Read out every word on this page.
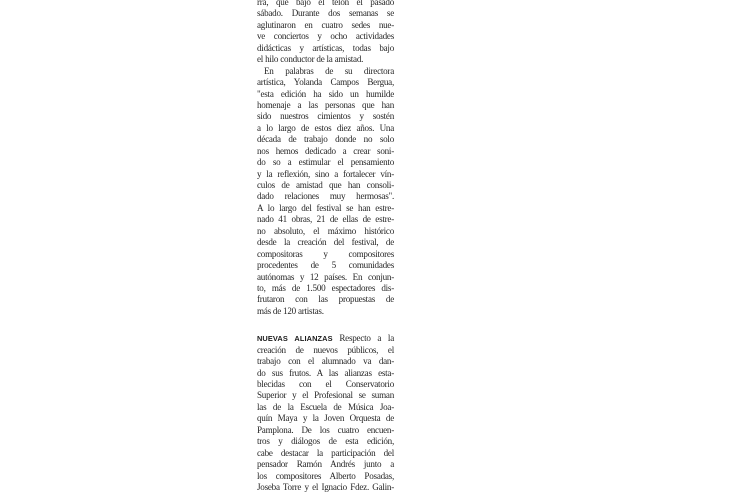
rra, que bajó el telón el pasado
sábado. Durante dos semanas se
aglutinaron en cuatro sedes nue-
ve conciertos y ocho actividades
didácticas y artísticas, todas bajo
el hilo conductor de la amistad.
En palabras de su directora
artística, Yolanda Campos Bergua,
"esta edición ha sido un humilde
homenaje a las personas que han
sido nuestros cimientos y sostén
a lo largo de estos diez años. Una
década de trabajo donde no solo
nos hemos dedicado a crear soni-
do so a estimular el pensamiento
y la reflexión, sino a fortalecer vín-
culos de amistad que han consoli-
dado relaciones muy hermosas".
A lo largo del festival se han estre-
nado 41 obras, 21 de ellas de estre-
no absoluto, el máximo histórico
desde la creación del festival, de
compositoras y compositores
procedentes de 5 comunidades
autónomas y 12 países. En conjun-
to, más de 1.500 espectadores dis-
frutaron con las propuestas de
más de 120 artistas.
NUEVAS ALIANZAS Respecto a la
creación de nuevos públicos, el
trabajo con el alumnado va dan-
do sus frutos. A las alianzas esta-
blecidas con el Conservatorio
Superior y el Profesional se suman
las de la Escuela de Música Joa-
quín Maya y la Joven Orquesta de
Pamplona. De los cuatro encuen-
tros y diálogos de esta edición,
cabe destacar la participación del
pensador Ramón Andrés junto a
los compositores Alberto Posadas,
Joseba Torre y el Ignacio Fdez. Galin-
